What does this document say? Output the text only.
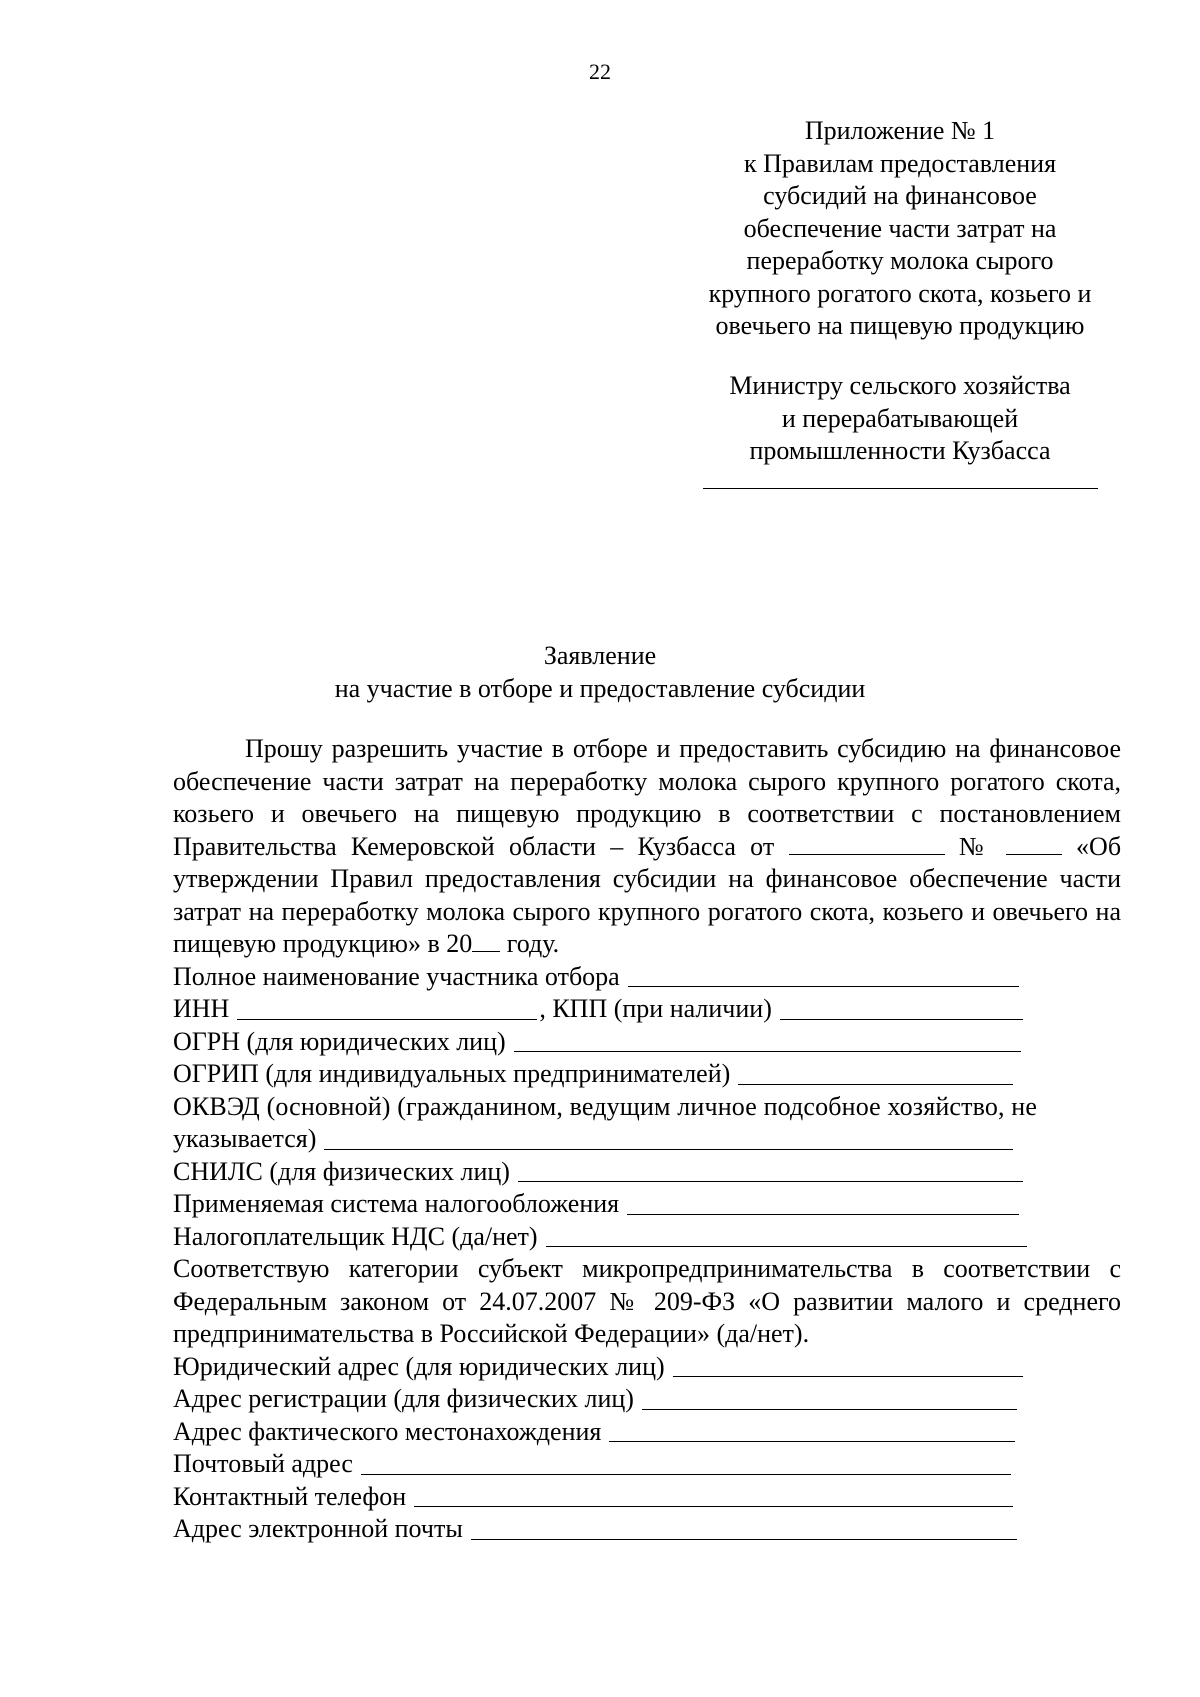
22
Приложение № 1
к Правилам предоставления
субсидий на финансовое
обеспечение части затрат на
переработку молока сырого
крупного рогатого скота, козьего и
овечьего на пищевую продукцию
Министру сельского хозяйства
и перерабатывающей
промышленности Кузбасса
Заявление
на участие в отборе и предоставление субсидии

Прошу разрешить участие в отборе и предоставить субсидию на финансовое обеспечение части затрат на переработку молока сырого крупного рогатого скота, козьего и овечьего на пищевую продукцию в соответствии с постановлением Правительства Кемеровской области – Кузбасса от	№	«Об утверждении Правил предоставления субсидии на финансовое обеспечение части затрат на переработку молока сырого крупного рогатого скота, козьего и овечьего на пищевую продукцию» в 20 году.

Полное наименование участника отбора
ИНН	, КПП (при наличии)
ОГРН (для юридических лиц)
ОГРИП (для индивидуальных предпринимателей)
ОКВЭД (основной) (гражданином, ведущим личное подсобное хозяйство, не
указывается)
СНИЛС (для физических лиц)
Применяемая система налогообложения
Налогоплательщик НДС (да/нет)

Соответствую категории субъект микропредпринимательства в соответствии с Федеральным законом от 24.07.2007 № 209-ФЗ «О развитии малого и среднего предпринимательства в Российской Федерации» (да/нет).

Юридический адрес (для юридических лиц)
Адрес регистрации (для физических лиц)
Адрес фактического местонахождения
Почтовый адрес
Контактный телефон
Адрес электронной почты
